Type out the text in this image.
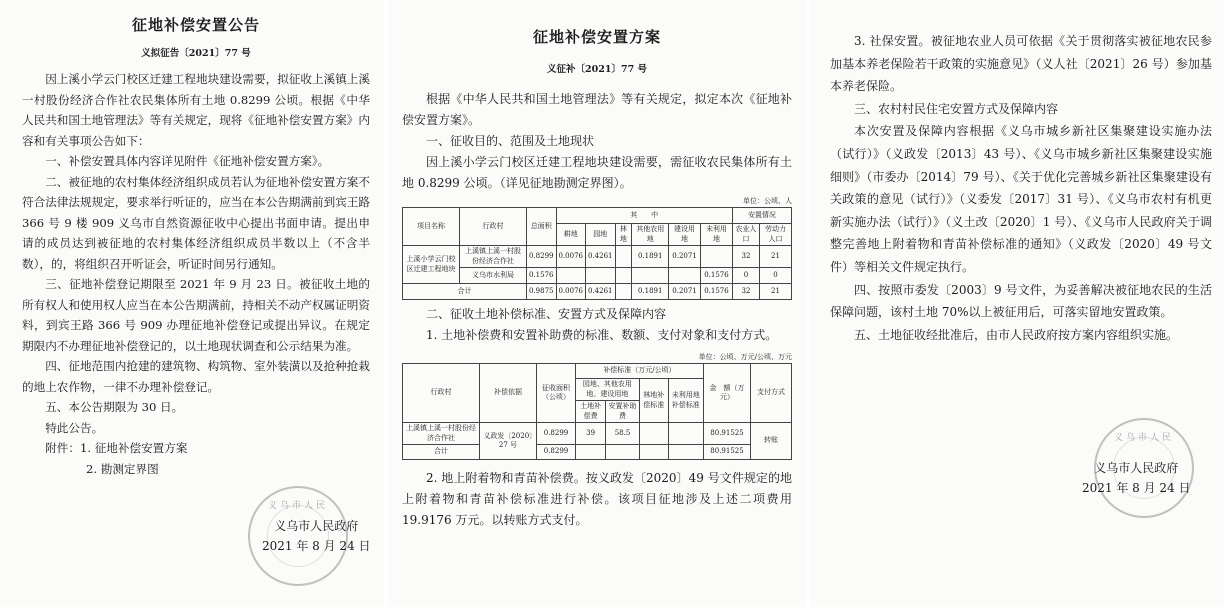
征地补偿安置公告
义拟征告〔2021〕77 号

因上溪小学云门校区迁建工程地块建设需要，拟征收上溪镇上溪一村股份经济合作社农民集体所有土地 0.8299 公顷。根据《中华人民共和国土地管理法》等有关规定，现将《征地补偿安置方案》内容和有关事项公告如下：

一、补偿安置具体内容详见附件《征地补偿安置方案》。

二、被征地的农村集体经济组织成员若认为征地补偿安置方案不符合法律法规规定，要求举行听证的，应当在本公告期满前到宾王路 366 号 9 楼 909 义乌市自然资源征收中心提出书面申请。提出申请的成员达到被征地的农村集体经济组织成员半数以上（不含半数），的，将组织召开听证会，听证时间另行通知。

三、征地补偿登记期限至 2021 年 9 月 23 日。被征收土地的所有权人和使用权人应当在本公告期满前，持相关不动产权属证明资料，到宾王路 366 号 909 办理征地补偿登记或提出异议。在规定期限内不办理征地补偿登记的，以土地现状调查和公示结果为准。

四、征地范围内抢建的建筑物、构筑物、室外装潢以及抢种抢栽的地上农作物，一律不办理补偿登记。

五、本公告期限为 30 日。

特此公告。

附件：1. 征地补偿安置方案

2. 勘测定界图
义乌市人民
义乌市人民政府
2021 年 8 月 24 日
征地补偿安置方案
义征补〔2021〕77 号

根据《中华人民共和国土地管理法》等有关规定，拟定本次《征地补偿安置方案》。

一、征收目的、范围及土地现状

因上溪小学云门校区迁建工程地块建设需要，需征收农民集体所有土地 0.8299 公顷。（详见征地勘测定界图）。

单位：公顷、人
项目名称	行政村	总面积	其　　中						安置情况	
			耕地	园地	林地	其他农用地	建设用地	未利用地	农业人口	劳动力人口
上溪小学云门校区迁建工程地块	上溪镇上溪一村股份经济合作社	0.8299	0.0076	0.4261		0.1891	0.2071		32	21
	义乌市水利局	0.1576						0.1576	0	0
合计		0.9875	0.0076	0.4261		0.1891	0.2071	0.1576	32	21

二、征收土地补偿标准、安置方式及保障内容

1. 土地补偿费和安置补助费的标准、数额、支付对象和支付方式。

单位：公顷、万元/公顷、万元
行政村	补偿依据	征收面积（公顷）	补偿标准（万元/公顷）				金　额（万元）	支付方式
			园地、其他农用地、建设用地		林地补偿标准	未利用地补偿标准		
			土地补偿费	安置补助费				
上溪镇上溪一村股份经济合作社	义政发〔2020〕27 号	0.8299	39	58.5			80.91525	转账
合计		0.8299					80.91525	

2. 地上附着物和青苗补偿费。按义政发〔2020〕49 号文件规定的地上附着物和青苗补偿标准进行补偿。该项目征地涉及上述二项费用 19.9176 万元。以转账方式支付。

3. 社保安置。被征地农业人员可依据《关于贯彻落实被征地农民参加基本养老保险若干政策的实施意见》（义人社〔2021〕26 号）参加基本养老保险。

三、农村村民住宅安置方式及保障内容

本次安置及保障内容根据《义乌市城乡新社区集聚建设实施办法（试行）》（义政发〔2013〕43 号）、《义乌市城乡新社区集聚建设实施细则》（市委办〔2014〕79 号）、《关于优化完善城乡新社区集聚建设有关政策的意见（试行）》（义委发〔2017〕31 号）、《义乌市农村有机更新实施办法（试行）》（义土改〔2020〕1 号）、《义乌市人民政府关于调整完善地上附着物和青苗补偿标准的通知》（义政发〔2020〕49 号文件）等相关文件规定执行。

四、按照市委发〔2003〕9 号文件，为妥善解决被征地农民的生活保障问题，该村土地 70%以上被征用后，可落实留地安置政策。

五、土地征收经批准后，由市人民政府按方案内容组织实施。

义乌市人民
义乌市人民政府
2021 年 8 月 24 日
